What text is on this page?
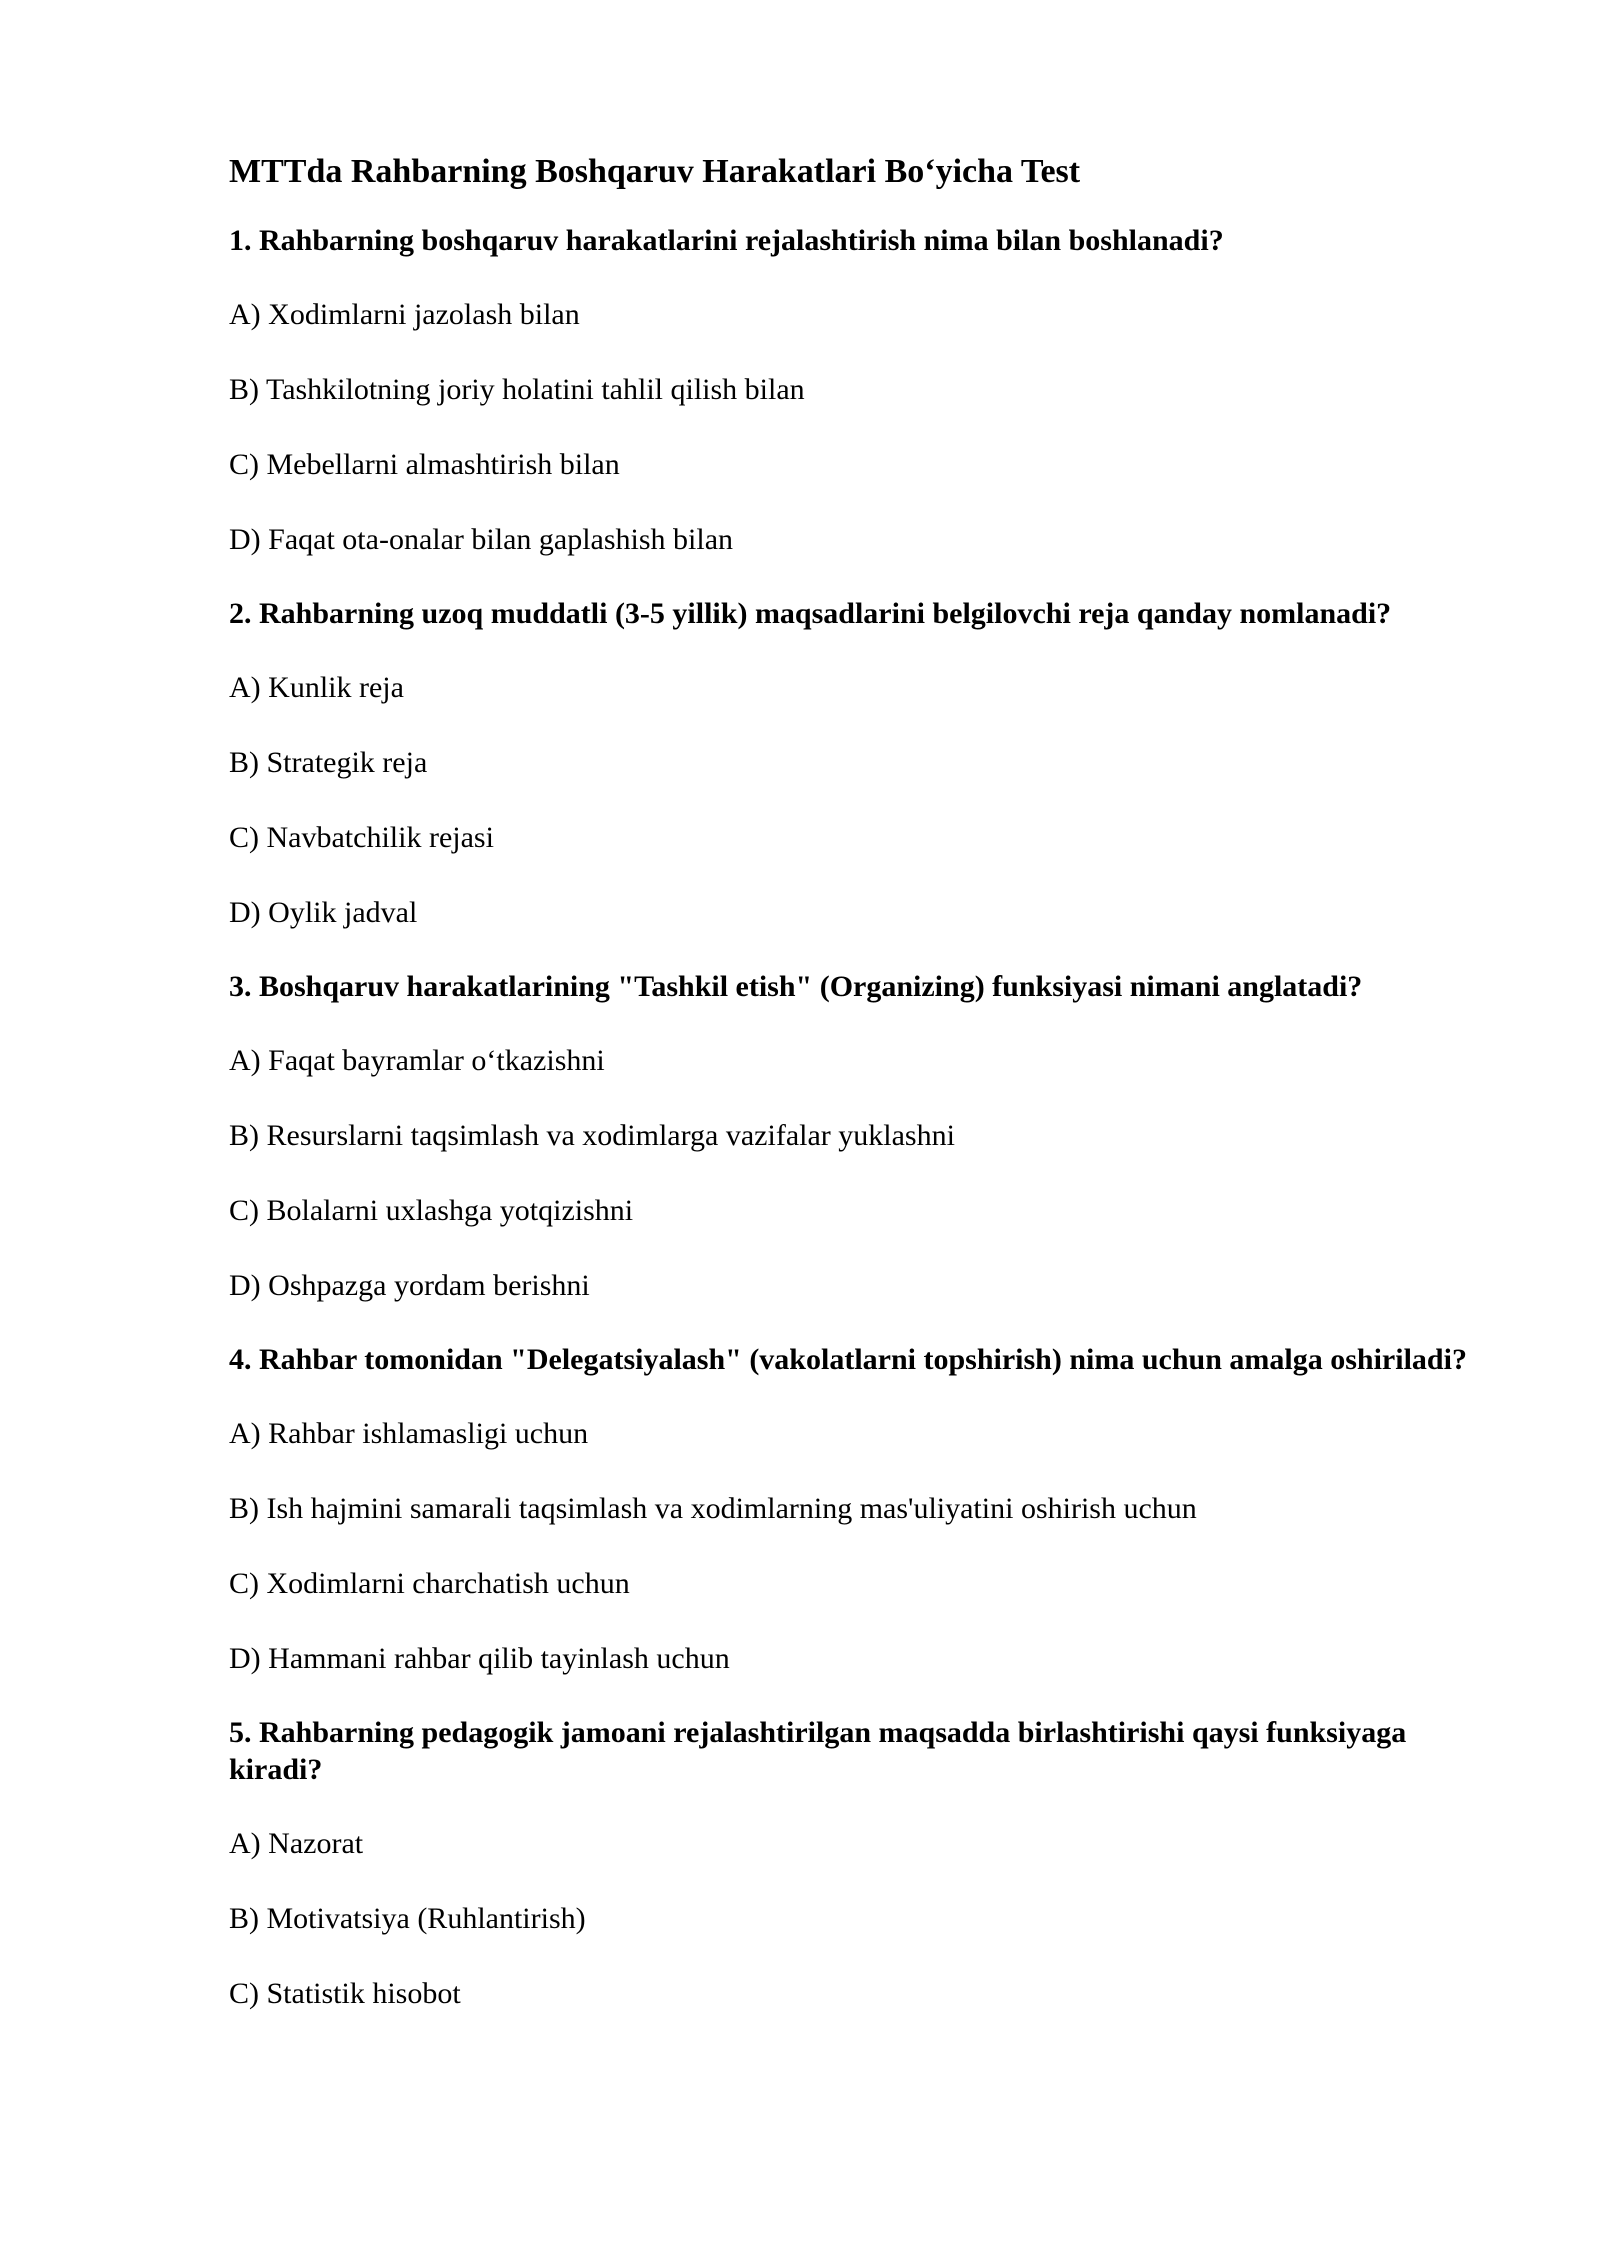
MTTda Rahbarning Boshqaruv Harakatlari Bo‘yicha Test
1. Rahbarning boshqaruv harakatlarini rejalashtirish nima bilan boshlanadi?
A) Xodimlarni jazolash bilan
B) Tashkilotning joriy holatini tahlil qilish bilan
C) Mebellarni almashtirish bilan
D) Faqat ota-onalar bilan gaplashish bilan
2. Rahbarning uzoq muddatli (3-5 yillik) maqsadlarini belgilovchi reja qanday nomlanadi?
A) Kunlik reja
B) Strategik reja
C) Navbatchilik rejasi
D) Oylik jadval
3. Boshqaruv harakatlarining "Tashkil etish" (Organizing) funksiyasi nimani anglatadi?
A) Faqat bayramlar o‘tkazishni
B) Resurslarni taqsimlash va xodimlarga vazifalar yuklashni
C) Bolalarni uxlashga yotqizishni
D) Oshpazga yordam berishni
4. Rahbar tomonidan "Delegatsiyalash" (vakolatlarni topshirish) nima uchun amalga oshiriladi?
A) Rahbar ishlamasligi uchun
B) Ish hajmini samarali taqsimlash va xodimlarning mas'uliyatini oshirish uchun
C) Xodimlarni charchatish uchun
D) Hammani rahbar qilib tayinlash uchun
5. Rahbarning pedagogik jamoani rejalashtirilgan maqsadda birlashtirishi qaysi funksiyaga kiradi?
A) Nazorat
B) Motivatsiya (Ruhlantirish)
C) Statistik hisobot
